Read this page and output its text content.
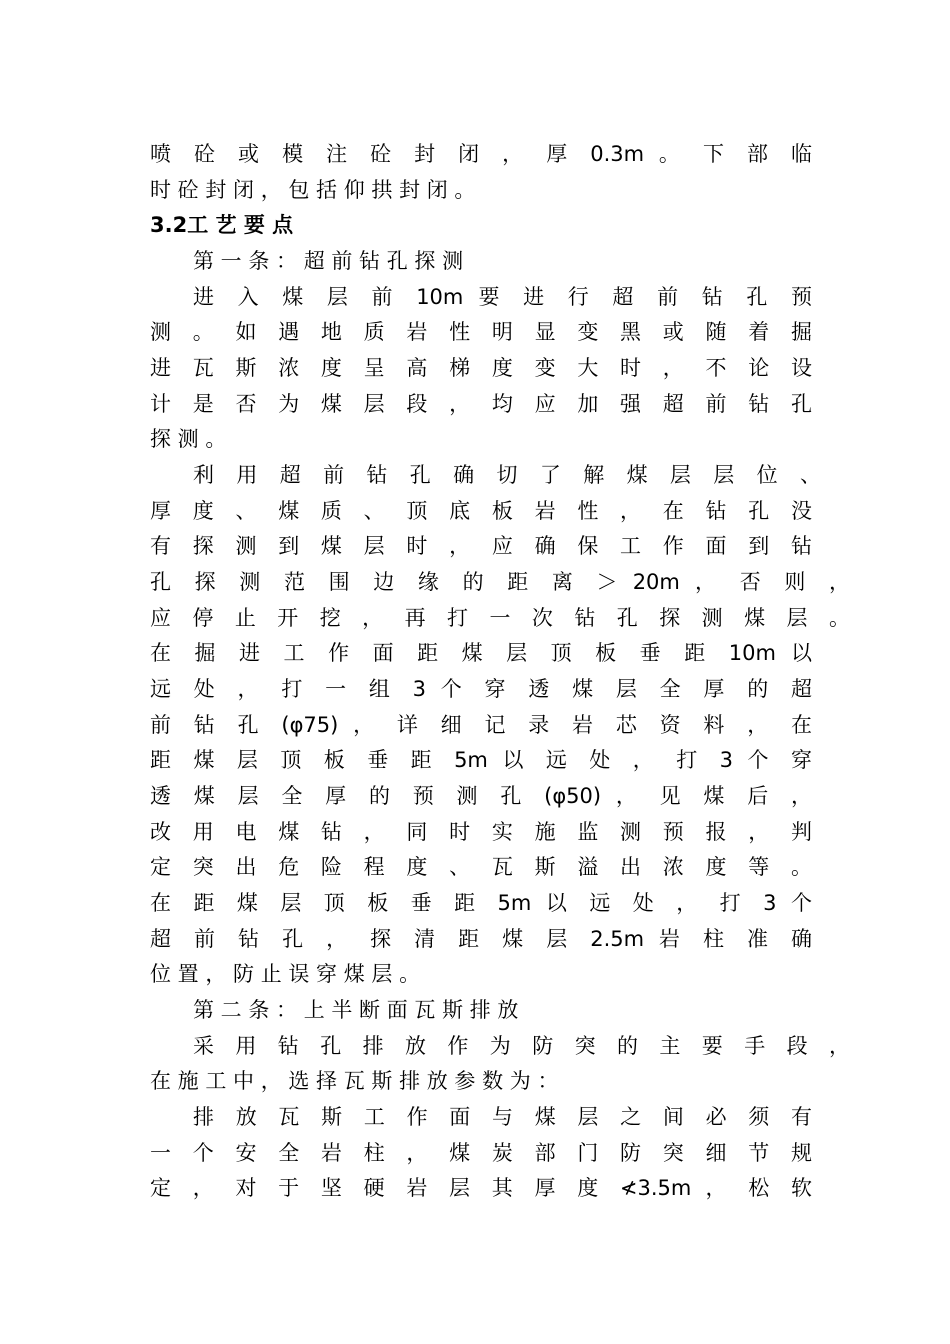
喷 砼 或 模 注 砼 封 闭 ， 厚 0.3m 。 下 部 临
时 砼 封 闭 ， 包 括 仰 拱 封 闭 。
3.2工 艺 要 点
第 一 条 ： 超 前 钻 孔 探 测
进 入 煤 层 前 10m 要 进 行 超 前 钻 孔 预
测 。 如 遇 地 质 岩 性 明 显 变 黑 或 随 着 掘
进 瓦 斯 浓 度 呈 高 梯 度 变 大 时 ， 不 论 设
计 是 否 为 煤 层 段 ， 均 应 加 强 超 前 钻 孔
探 测 。
利 用 超 前 钻 孔 确 切 了 解 煤 层 层 位 、
厚 度 、 煤 质 、 顶 底 板 岩 性 ， 在 钻 孔 没
有 探 测 到 煤 层 时 ， 应 确 保 工 作 面 到 钻
孔 探 测 范 围 边 缘 的 距 离 ＞ 20m ， 否 则 ，
应 停 止 开 挖 ， 再 打 一 次 钻 孔 探 测 煤 层 。
在 掘 进 工 作 面 距 煤 层 顶 板 垂 距 10m 以
远 处 ， 打 一 组 3 个 穿 透 煤 层 全 厚 的 超
前 钻 孔 (φ75) ， 详 细 记 录 岩 芯 资 料 ， 在
距 煤 层 顶 板 垂 距 5m 以 远 处 ， 打 3 个 穿
透 煤 层 全 厚 的 预 测 孔 (φ50) ， 见 煤 后 ，
改 用 电 煤 钻 ， 同 时 实 施 监 测 预 报 ， 判
定 突 出 危 险 程 度 、 瓦 斯 溢 出 浓 度 等 。
在 距 煤 层 顶 板 垂 距 5m 以 远 处 ， 打 3 个
超 前 钻 孔 ， 探 清 距 煤 层 2.5m 岩 柱 准 确
位 置 ， 防 止 误 穿 煤 层 。
第 二 条 ： 上 半 断 面 瓦 斯 排 放
采 用 钻 孔 排 放 作 为 防 突 的 主 要 手 段 ，
在 施 工 中 ， 选 择 瓦 斯 排 放 参 数 为 ：
排 放 瓦 斯 工 作 面 与 煤 层 之 间 必 须 有
一 个 安 全 岩 柱 ， 煤 炭 部 门 防 突 细 节 规
定 ， 对 于 坚 硬 岩 层 其 厚 度 ≮3.5m ， 松 软
